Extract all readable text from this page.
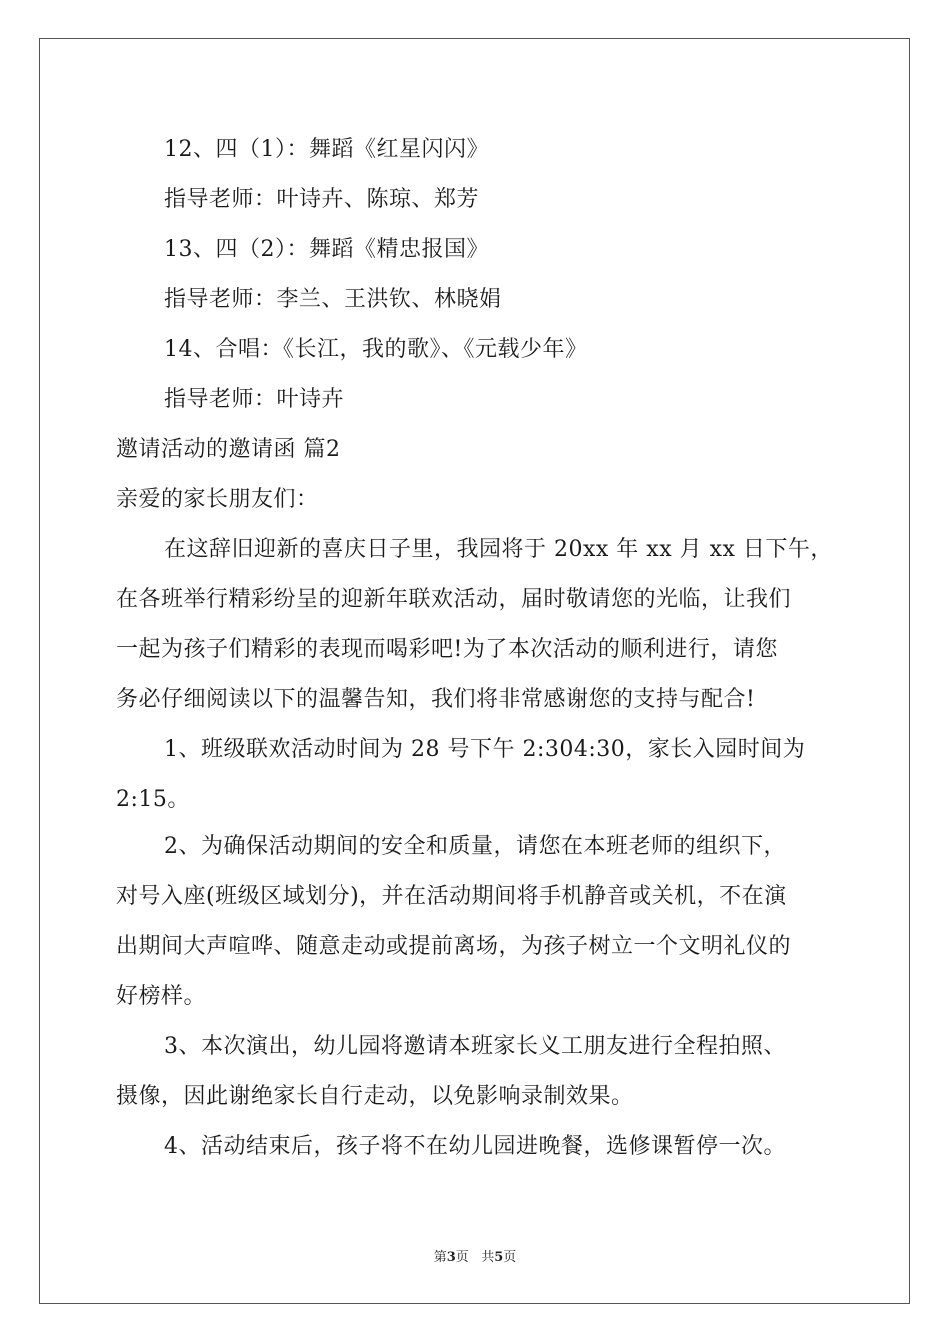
12、四（1）：舞蹈《红星闪闪》
指导老师：叶诗卉、陈琼、郑芳
13、四（2）：舞蹈《精忠报国》
指导老师：李兰、王洪钦、林晓娟
14、合唱：《长江，我的歌》、《元载少年》
指导老师：叶诗卉
邀请活动的邀请函 篇2
亲爱的家长朋友们：
在这辞旧迎新的喜庆日子里，我园将于 20xx 年 xx 月 xx 日下午，
在各班举行精彩纷呈的迎新年联欢活动，届时敬请您的光临，让我们
一起为孩子们精彩的表现而喝彩吧!为了本次活动的顺利进行，请您
务必仔细阅读以下的温馨告知，我们将非常感谢您的支持与配合!
1、班级联欢活动时间为 28 号下午 2:304:30，家长入园时间为
2:15。
2、为确保活动期间的安全和质量，请您在本班老师的组织下，
对号入座(班级区域划分)，并在活动期间将手机静音或关机，不在演
出期间大声喧哗、随意走动或提前离场，为孩子树立一个文明礼仪的
好榜样。
3、本次演出，幼儿园将邀请本班家长义工朋友进行全程拍照、
摄像，因此谢绝家长自行走动，以免影响录制效果。
4、活动结束后，孩子将不在幼儿园进晚餐，选修课暂停一次。
第3页 共5页
